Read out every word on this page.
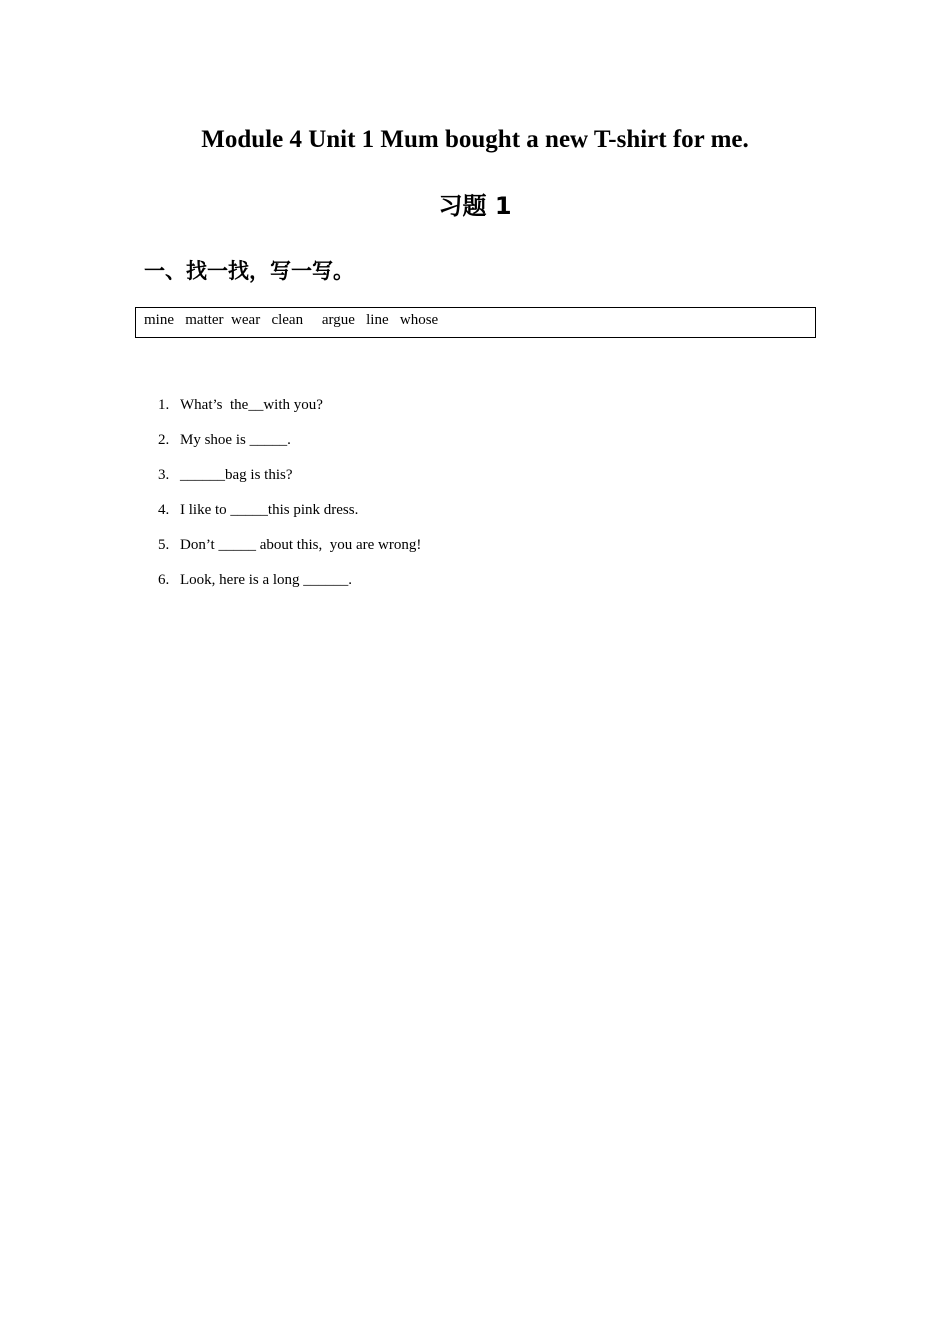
Module 4 Unit 1 Mum bought a new T-shirt for me.
习题 1
一、找一找，写一写。
mine   matter  wear   clean     argue   line   whose

1. What’s  the__with you?

2. My shoe is _____.

3. ______bag is this?

4. I like to _____this pink dress.

5. Don’t _____ about this,  you are wrong!

6. Look, here is a long ______.
